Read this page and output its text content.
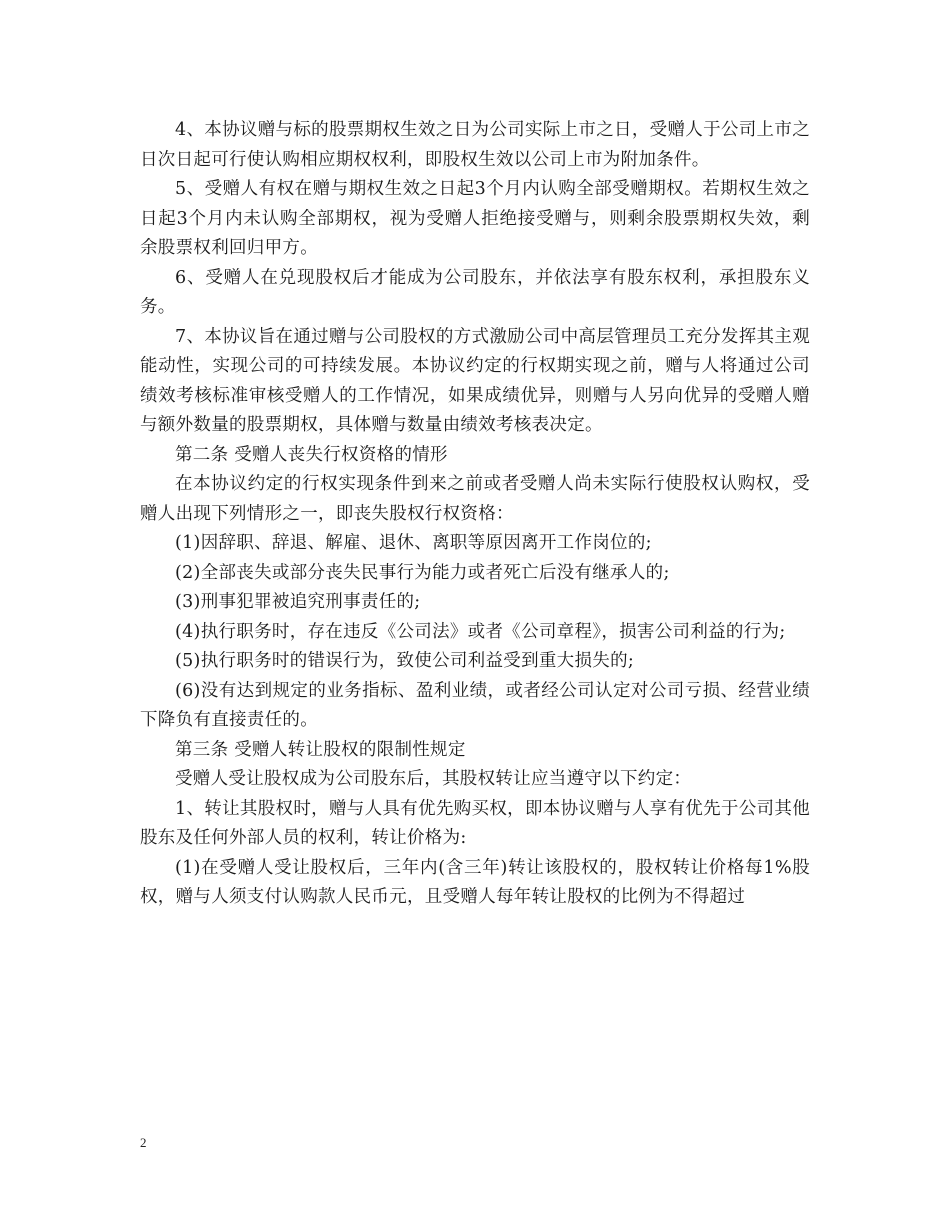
4、本协议赠与标的股票期权生效之日为公司实际上市之日，受赠人于公司上市之日次日起可行使认购相应期权权利，即股权生效以公司上市为附加条件。

5、受赠人有权在赠与期权生效之日起3个月内认购全部受赠期权。若期权生效之日起3个月内未认购全部期权，视为受赠人拒绝接受赠与，则剩余股票期权失效，剩余股票权利回归甲方。

6、受赠人在兑现股权后才能成为公司股东，并依法享有股东权利，承担股东义务。

7、本协议旨在通过赠与公司股权的方式激励公司中高层管理员工充分发挥其主观能动性，实现公司的可持续发展。本协议约定的行权期实现之前，赠与人将通过公司绩效考核标准审核受赠人的工作情况，如果成绩优异，则赠与人另向优异的受赠人赠与额外数量的股票期权，具体赠与数量由绩效考核表决定。

第二条 受赠人丧失行权资格的情形

在本协议约定的行权实现条件到来之前或者受赠人尚未实际行使股权认购权，受赠人出现下列情形之一，即丧失股权行权资格：

(1)因辞职、辞退、解雇、退休、离职等原因离开工作岗位的;

(2)全部丧失或部分丧失民事行为能力或者死亡后没有继承人的;

(3)刑事犯罪被追究刑事责任的;

(4)执行职务时，存在违反《公司法》或者《公司章程》，损害公司利益的行为;

(5)执行职务时的错误行为，致使公司利益受到重大损失的;

(6)没有达到规定的业务指标、盈利业绩，或者经公司认定对公司亏损、经营业绩下降负有直接责任的。

第三条 受赠人转让股权的限制性规定

受赠人受让股权成为公司股东后，其股权转让应当遵守以下约定：

1、转让其股权时，赠与人具有优先购买权，即本协议赠与人享有优先于公司其他股东及任何外部人员的权利，转让价格为:

(1)在受赠人受让股权后，三年内(含三年)转让该股权的，股权转让价格每1%股权，赠与人须支付认购款人民币元，且受赠人每年转让股权的比例为不得超过

2
